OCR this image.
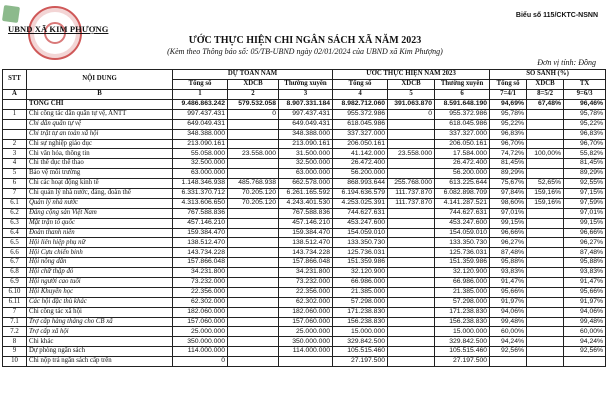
UBND XÃ KIM PHƯỢNG
Biểu số 115/CKTC-NSNN
ƯỚC THỰC HIỆN CHI NGÂN SÁCH XÃ NĂM 2023
(Kèm theo Thông báo số: 05/TB-UBND ngày 02/01/2024 của UBND xã Kim Phượng)
Đơn vị tính: Đồng
STT	NỘI DUNG	DỰ TOÁN NĂM			ƯỚC THỰC HIỆN NĂM 2023			SO SÁNH (%)		
		Tổng số	XDCB	Thường xuyên	Tổng số	XDCB	Thường xuyên	Tổng số	XDCB	TX
A	B	1	2	3	4	5	6	7=4/1	8=5/2	9=6/3
	TỔNG CHI	9.486.863.242	579.532.058	8.907.331.184	8.982.712.060	391.063.870	8.591.648.190	94,69%	67,48%	96,46%
1	Chi công tác dân quân tự vệ, ANTT	997.437.431	0	997.437.431	955.372.986	0	955.372.986	95,78%		95,78%
	Chi dân quân tự vệ	649.049.431		649.049.431	618.045.986		618.045.986	95,22%		95,22%
	Chi trật tự an toàn xã hội	348.388.000		348.388.000	337.327.000		337.327.000	96,83%		96,83%
2	Chi sự nghiệp giáo dục	213.090.161		213.090.161	206.050.161		206.050.161	96,70%		96,70%
3	Chi văn hóa, thông tin	55.058.000	23.558.000	31.500.000	41.142.000	23.558.000	17.584.000	74,72%	100,00%	55,82%
4	Chi thể dục thể thao	32.500.000		32.500.000	26.472.400		26.472.400	81,45%		81,45%
5	Bảo vệ môi trường	63.000.000		63.000.000	56.200.000		56.200.000	89,29%		89,29%
6	Chi các hoạt động kinh tế	1.148.346.938	485.768.938	662.578.000	868.993.644	255.768.000	613.225.644	75,67%	52,65%	92,55%
7	Chi quản lý nhà nước, đảng, đoàn thể	6.331.370.712	70.205.120	6.261.165.592	6.194.636.579	111.737.870	6.082.898.709	97,84%	159,16%	97,15%
6.1	Quản lý nhà nước	4.313.606.650	70.205.120	4.243.401.530	4.253.025.391	111.737.870	4.141.287.521	98,60%	159,16%	97,59%
6.2	Đảng cộng sản Việt Nam	767.588.836		767.588.836	744.627.631		744.627.631	97,01%		97,01%
6.3	Mặt trận tổ quốc	457.146.210		457.146.210	453.247.600		453.247.600	99,15%		99,15%
6.4	Đoàn thanh niên	159.384.470		159.384.470	154.059.010		154.059.010	96,66%		96,66%
6.5	Hội liên hiệp phụ nữ	138.512.470		138.512.470	133.350.730		133.350.730	96,27%		96,27%
6.6	Hội Cựu chiến binh	143.734.228		143.734.228	125.736.031		125.736.031	87,48%		87,48%
6.7	Hội nông dân	157.866.048		157.866.048	151.359.986		151.359.986	95,88%		95,88%
6.8	Hội chữ thập đỏ	34.231.800		34.231.800	32.120.900		32.120.900	93,83%		93,83%
6.9	Hội người cao tuổi	73.232.000		73.232.000	66.986.000		66.986.000	91,47%		91,47%
6.10	Hội Khuyến học	22.356.000		22.356.000	21.385.000		21.385.000	95,66%		95,66%
6.11	Các hội đặc thù khác	62.302.000		62.302.000	57.298.000		57.298.000	91,97%		91,97%
7	Chi công tác xã hội	182.060.000		182.060.000	171.238.830		171.238.830	94,06%		94,06%
7.1	Trợ cấp hàng tháng cho CB xã	157.060.000		157.060.000	156.238.830		156.238.830	99,48%		99,48%
7.2	Trợ cấp xã hội	25.000.000		25.000.000	15.000.000		15.000.000	60,00%		60,00%
8	Chi khác	350.000.000		350.000.000	329.842.500		329.842.500	94,24%		94,24%
9	Dự phòng ngân sách	114.000.000		114.000.000	105.515.460		105.515.460	92,56%		92,56%
10	Chi nộp trả ngân sách cấp trên	0			27.197.500		27.197.500			
